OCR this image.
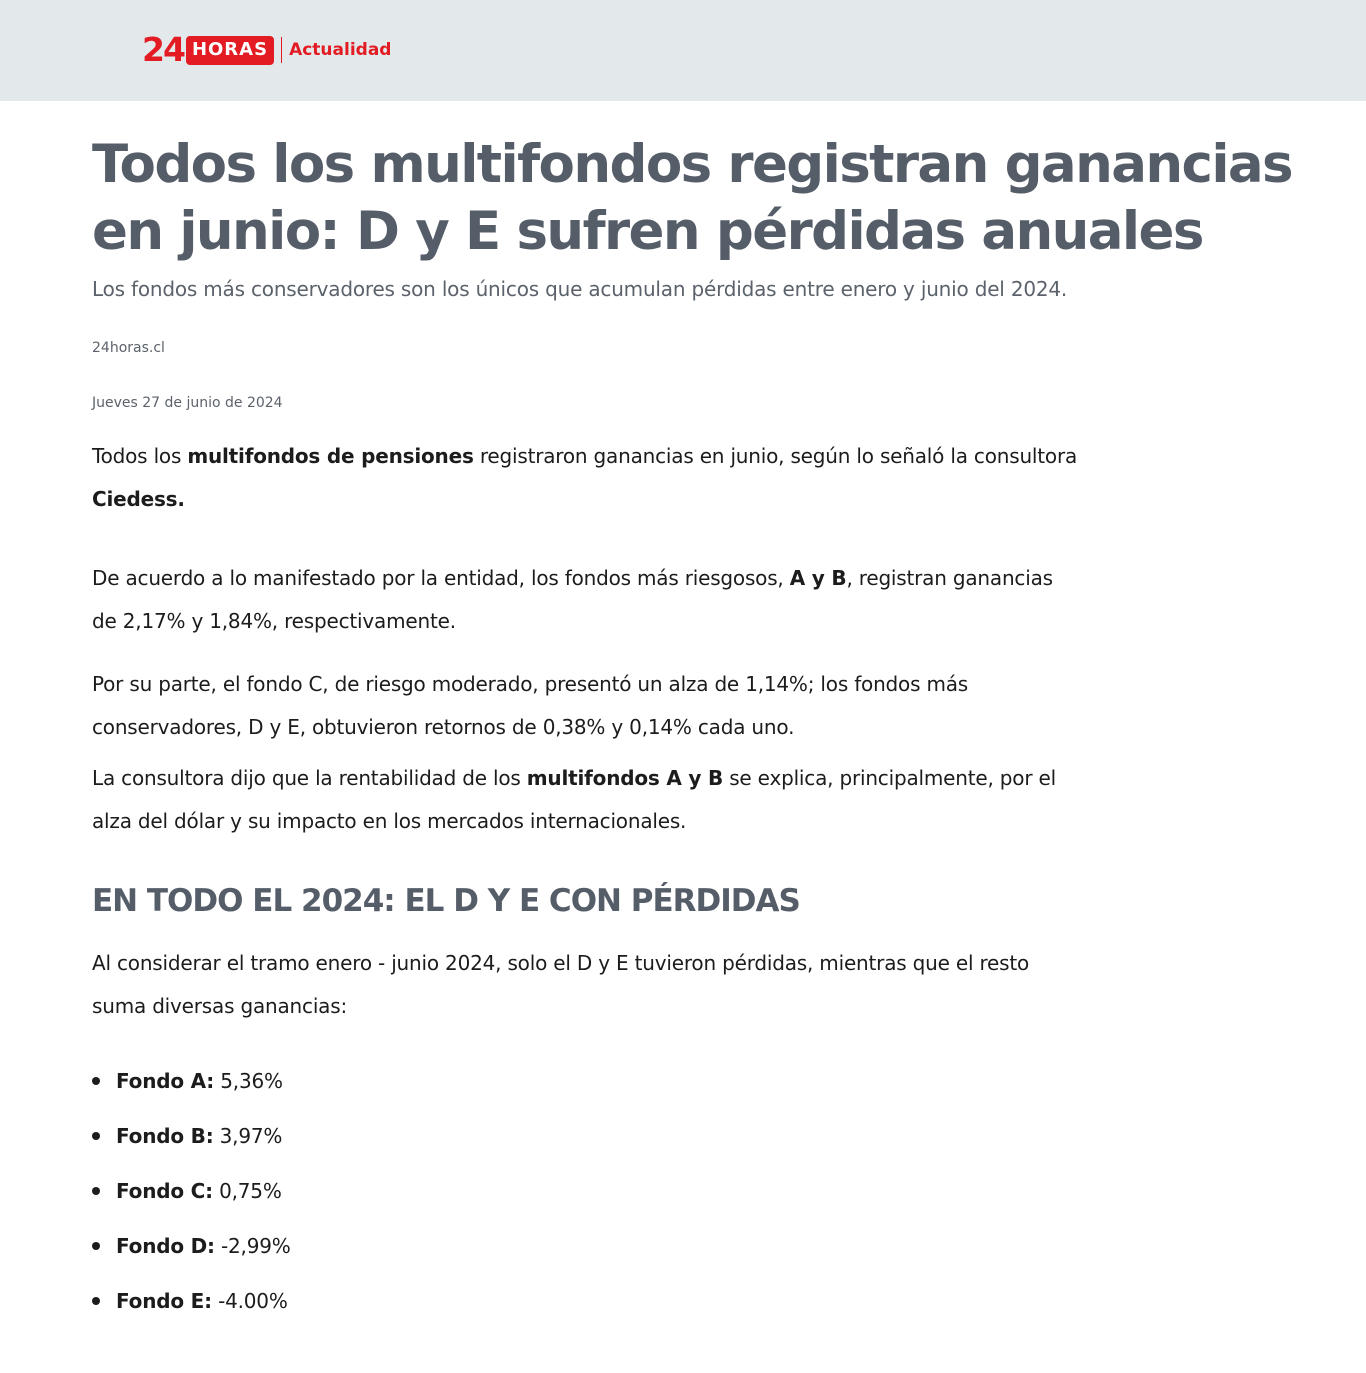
24 HORAS	Actualidad
Todos los multifondos registran ganancias en junio: D y E sufren pérdidas anuales
Los fondos más conservadores son los únicos que acumulan pérdidas entre enero y junio del 2024.
24horas.cl
Jueves 27 de junio de 2024

Todos los multifondos de pensiones registraron ganancias en junio, según lo señaló la consultora Ciedess.

De acuerdo a lo manifestado por la entidad, los fondos más riesgosos, A y B, registran ganancias de 2,17% y 1,84%, respectivamente.

Por su parte, el fondo C, de riesgo moderado, presentó un alza de 1,14%; los fondos más conservadores, D y E, obtuvieron retornos de 0,38% y 0,14% cada uno.

La consultora dijo que la rentabilidad de los multifondos A y B se explica, principalmente, por el alza del dólar y su impacto en los mercados internacionales.

EN TODO EL 2024: EL D Y E CON PÉRDIDAS

Al considerar el tramo enero - junio 2024, solo el D y E tuvieron pérdidas, mientras que el resto suma diversas ganancias:

Fondo A: 5,36%
Fondo B: 3,97%
Fondo C: 0,75%
Fondo D: -2,99%
Fondo E: -4.00%
